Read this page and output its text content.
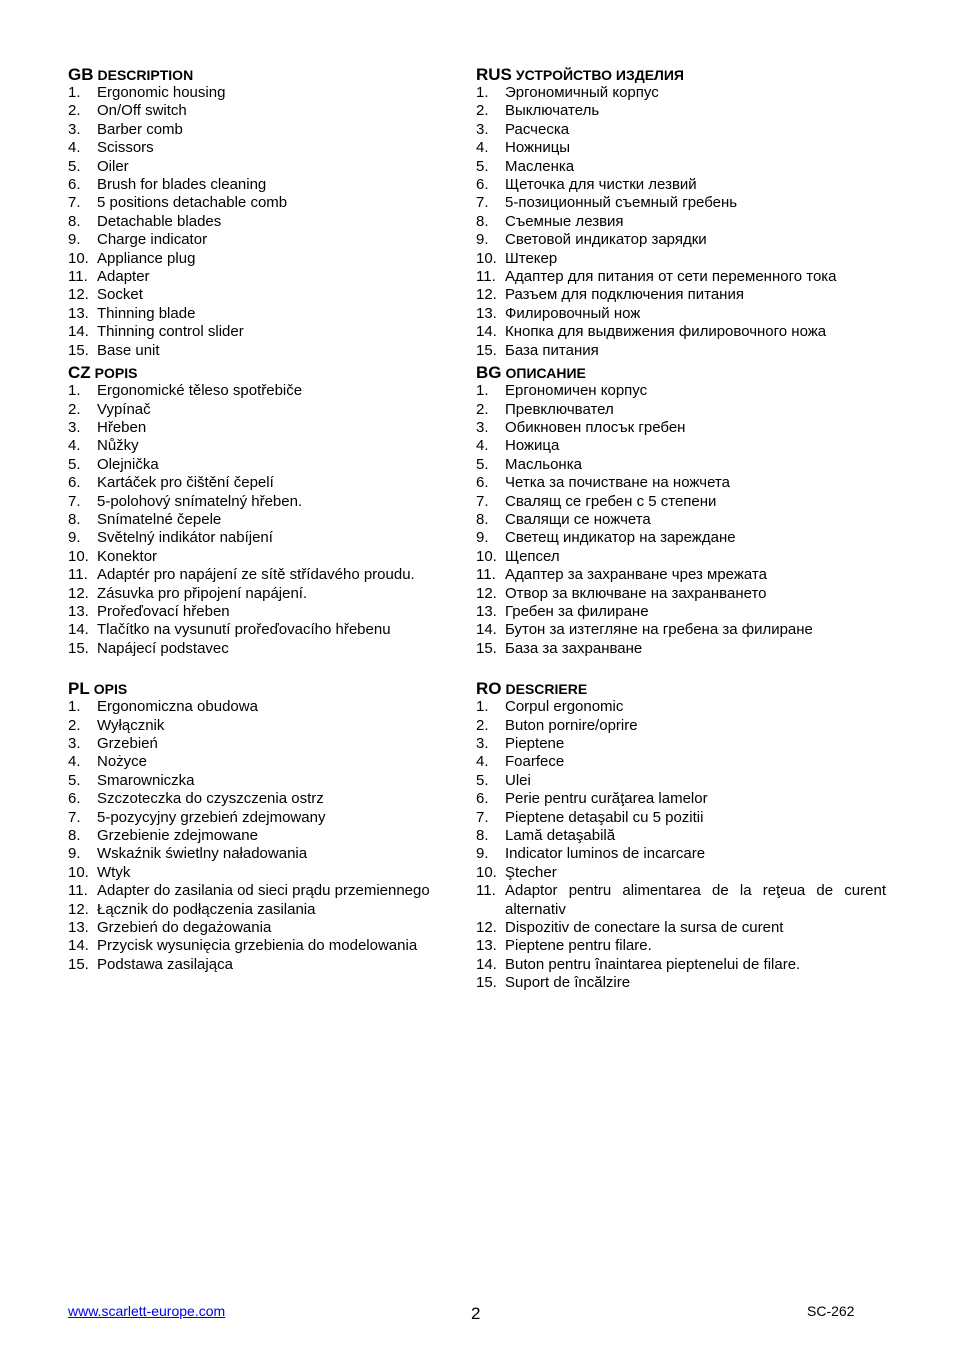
GB DESCRIPTION
1.	Ergonomic housing
2.	On/Off switch
3.	Barber comb
4.	Scissors
5.	Oiler
6.	Brush for blades cleaning
7.	5 positions detachable comb
8.	Detachable blades
9.	Charge indicator
10. Appliance plug
11. Adapter
12. Socket
13. Thinning blade
14. Thinning control slider
15. Base unit
CZ POPIS
1.	Ergonomické těleso spotřebiče
2.	Vypínač
3.	Hřeben
4.	Nůžky
5.	Olejnička
6.	Kartáček pro čištění čepelí
7.	5-polohový snímatelný hřeben.
8.	Snímatelné čepele
9.	Světelný indikátor nabíjení
10. Konektor
11. Adaptér pro napájení ze sítě střídavého proudu.
12. Zásuvka pro připojení napájení.
13. Prořeďovací hřeben
14. Tlačítko na vysunutí prořeďovacího hřebenu
15. Napájecí podstavec
PL OPIS
1.	Ergonomiczna obudowa
2.	Wyłącznik
3.	Grzebień
4.	Nożyce
5.	Smarowniczka
6.	Szczoteczka do czyszczenia ostrz
7.	5-pozycyjny grzebień zdejmowany
8.	Grzebienie zdejmowane
9.	Wskaźnik świetlny naładowania
10. Wtyk
11. Adapter do zasilania od sieci prądu przemiennego
12. Łącznik do podłączenia zasilania
13. Grzebień do degażowania
14. Przycisk wysunięcia grzebienia do modelowania
15. Podstawa zasilająca
RUS УСТРОЙСТВО ИЗДЕЛИЯ
1.	Эргономичный корпус
2.	Выключатель
3.	Расческа
4.	Ножницы
5.	Масленка
6.	Щеточка для чистки лезвий
7.	5-позиционный съемный гребень
8.	Съемные лезвия
9.	Световой индикатор зарядки
10. Штекер
11. Адаптер для питания от сети переменного тока
12. Разъем для подключения питания
13. Филировочный нож
14. Кнопка для выдвижения филировочного ножа
15. База питания
BG ОПИСАНИЕ
1.	Ергономичен корпус
2.	Превключвател
3.	Обикновен плосък гребен
4.	Ножица
5.	Масльонка
6.	Четка за почистване на ножчета
7.	Свалящ се гребен с 5 степени
8.	Свалящи се ножчета
9.	Светещ индикатор на зареждане
10. Щепсел
11. Адаптер за захранване чрез мрежата
12. Отвор за включване на захранването
13. Гребен за филиране
14. Бутон за изтегляне на гребена за филиране
15. База за захранване
RO DESCRIERE
1.	Corpul ergonomic
2.	Buton pornire/oprire
3.	Pieptene
4.	Foarfece
5.	Ulei
6.	Perie pentru curăţarea lamelor
7.	Pieptene detaşabil cu 5 pozitii
8.	Lamă detaşabilă
9.	Indicator luminos de incarcare
10. Ştecher
11. Adaptor pentru alimentarea de la reţeua de curent alternativ
12. Dispozitiv de conectare la sursa de curent
13. Pieptene pentru filare.
14. Buton pentru înaintarea pieptenelui de filare.
15. Suport de încălzire
www.scarlett-europe.com	2	SC-262
